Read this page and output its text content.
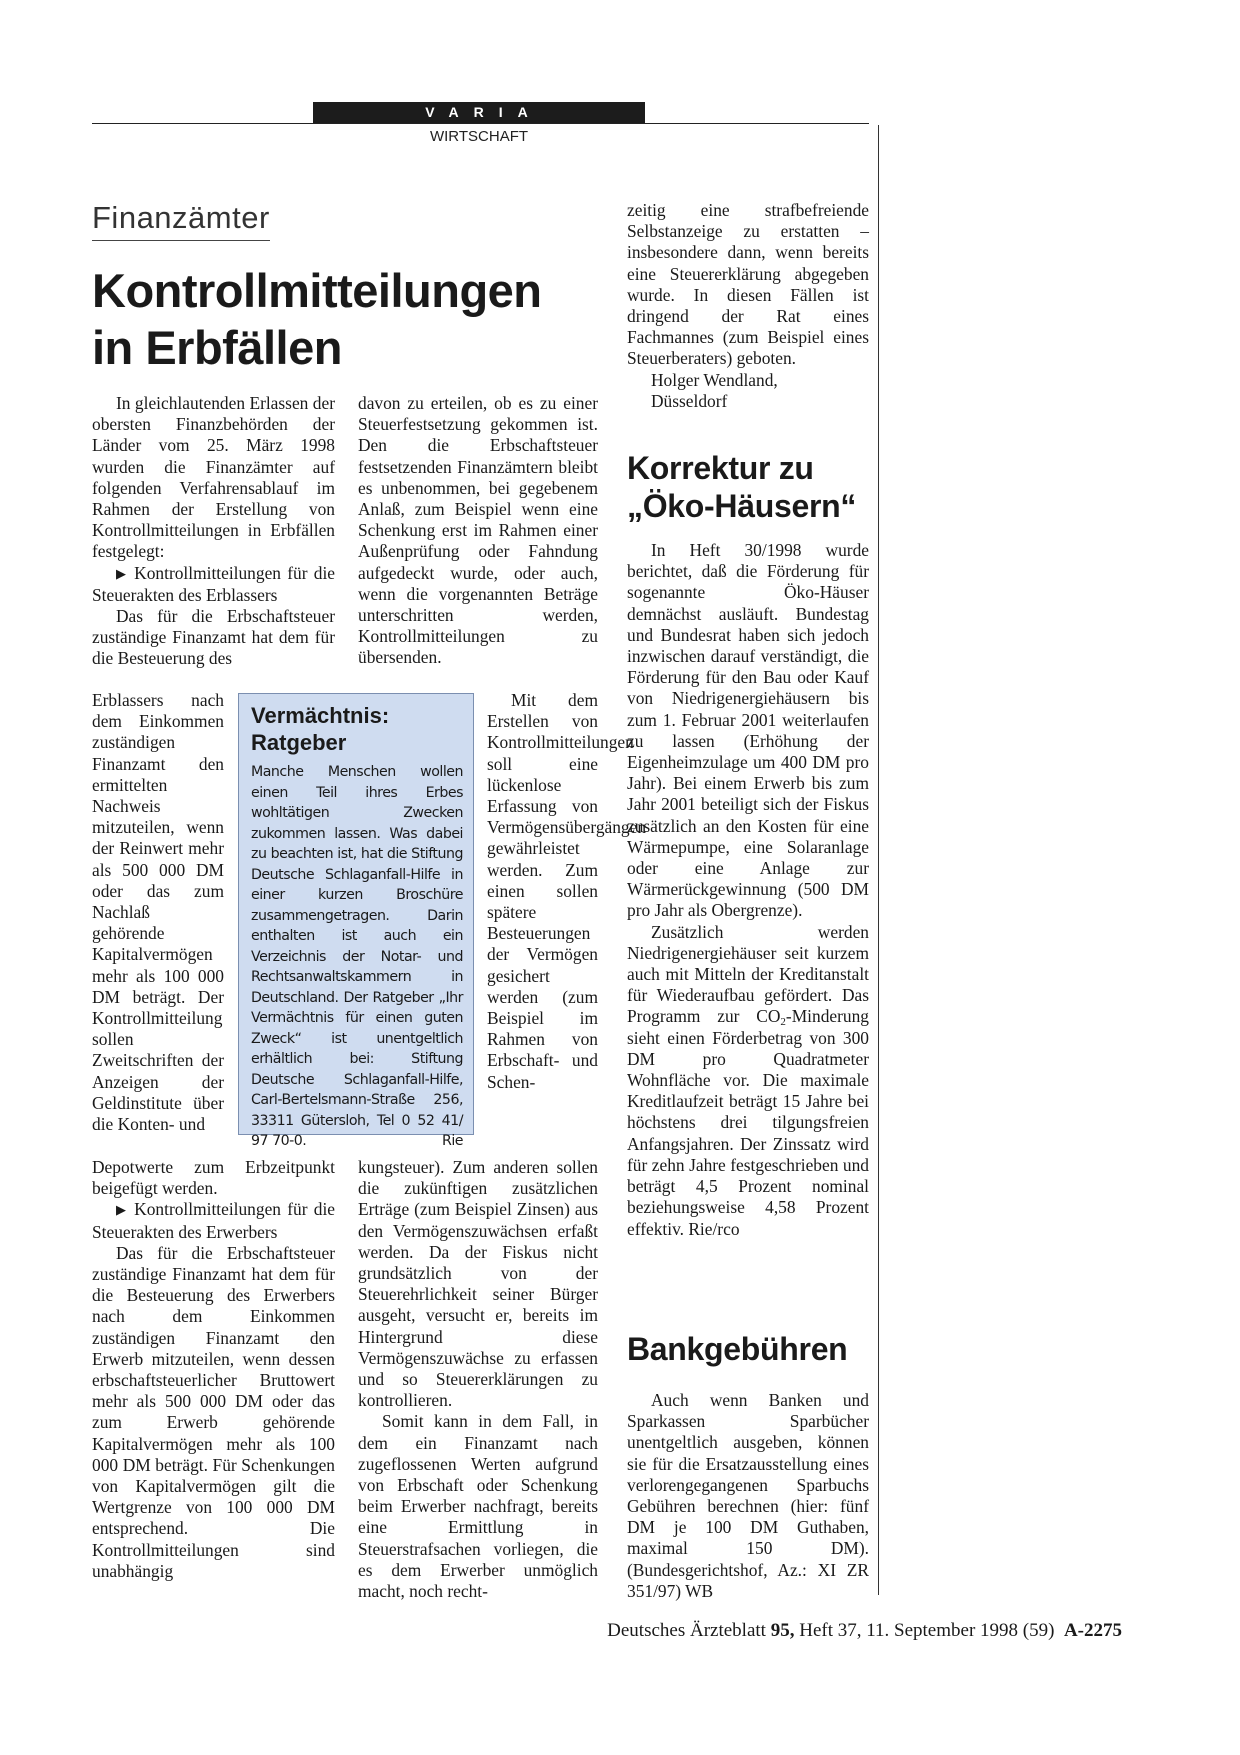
VARIA
WIRTSCHAFT
Finanzämter
Kontrollmitteilungen
in Erbfällen

In gleichlautenden Erlassen der obersten Finanzbehörden der Länder vom 25. März 1998 wurden die Finanzämter auf folgenden Verfahrensablauf im Rahmen der Erstellung von Kontrollmitteilungen in Erbfällen festgelegt:

▶ Kontrollmitteilungen für die Steuerakten des Erblassers

Das für die Erbschaftsteuer zuständige Finanzamt hat dem für die Besteuerung des

Erblassers nach dem Einkommen zuständigen Finanzamt den ermittelten Nachweis mitzuteilen, wenn der Reinwert mehr als 500 000 DM oder das zum Nachlaß gehörende Kapitalvermögen mehr als 100 000 DM beträgt. Der Kontrollmitteilung sollen Zweitschriften der Anzeigen der Geldinstitute über die Konten- und

Depotwerte zum Erbzeitpunkt beigefügt werden.

▶ Kontrollmitteilungen für die Steuerakten des Erwerbers

Das für die Erbschaftsteuer zuständige Finanzamt hat dem für die Besteuerung des Erwerbers nach dem Einkommen zuständigen Finanzamt den Erwerb mitzuteilen, wenn dessen erbschaftsteuerlicher Bruttowert mehr als 500 000 DM oder das zum Erwerb gehörende Kapitalvermögen mehr als 100 000 DM beträgt. Für Schenkungen von Kapitalvermögen gilt die Wertgrenze von 100 000 DM entsprechend. Die Kontrollmitteilungen sind unabhängig

davon zu erteilen, ob es zu einer Steuerfestsetzung gekommen ist. Den die Erbschaftsteuer festsetzenden Finanzämtern bleibt es unbenommen, bei gegebenem Anlaß, zum Beispiel wenn eine Schenkung erst im Rahmen einer Außenprüfung oder Fahndung aufgedeckt wurde, oder auch, wenn die vorgenannten Beträge unterschritten werden, Kontrollmitteilungen zu übersenden.

Mit dem Erstellen von Kontrollmitteilungen soll eine lückenlose Erfassung von Vermögensübergängen gewährleistet werden. Zum einen sollen spätere Besteuerungen der Vermögen gesichert werden (zum Beispiel im Rahmen von Erbschaft- und Schen-

kungsteuer). Zum anderen sollen die zukünftigen zusätzlichen Erträge (zum Beispiel Zinsen) aus den Vermögenszuwächsen erfaßt werden. Da der Fiskus nicht grundsätzlich von der Steuerehrlichkeit seiner Bürger ausgeht, versucht er, bereits im Hintergrund diese Vermögenszuwächse zu erfassen und so Steuererklärungen zu kontrollieren.

Somit kann in dem Fall, in dem ein Finanzamt nach zugeflossenen Werten aufgrund von Erbschaft oder Schenkung beim Erwerber nachfragt, bereits eine Ermittlung in Steuerstrafsachen vorliegen, die es dem Erwerber unmöglich macht, noch recht-

Vermächtnis:
Ratgeber
Manche Menschen wollen einen Teil ihres Erbes wohltätigen Zwecken zukommen lassen. Was dabei zu beachten ist, hat die Stiftung Deutsche Schlaganfall-Hilfe in einer kurzen Broschüre zusammengetragen. Darin enthalten ist auch ein Verzeichnis der Notar- und Rechtsanwaltskammern in Deutschland. Der Ratgeber „Ihr Vermächtnis für einen guten Zweck“ ist unentgeltlich erhältlich bei: Stiftung Deutsche Schlaganfall-Hilfe, Carl-Bertelsmann-Straße 256, 33311 Gütersloh, Tel 0 52 41/ 97 70-0.	Rie

zeitig eine strafbefreiende Selbstanzeige zu erstatten – insbesondere dann, wenn bereits eine Steuererklärung abgegeben wurde. In diesen Fällen ist dringend der Rat eines Fachmannes (zum Beispiel eines Steuerberaters) geboten.

Holger Wendland,

Düsseldorf

Korrektur zu
„Öko-Häusern“

In Heft 30/1998 wurde berichtet, daß die Förderung für sogenannte Öko-Häuser demnächst ausläuft. Bundestag und Bundesrat haben sich jedoch inzwischen darauf verständigt, die Förderung für den Bau oder Kauf von Niedrigenergiehäusern bis zum 1. Februar 2001 weiterlaufen zu lassen (Erhöhung der Eigenheimzulage um 400 DM pro Jahr). Bei einem Erwerb bis zum Jahr 2001 beteiligt sich der Fiskus zusätzlich an den Kosten für eine Wärmepumpe, eine Solaranlage oder eine Anlage zur Wärmerückgewinnung (500 DM pro Jahr als Obergrenze).

Zusätzlich werden Niedrigenergiehäuser seit kurzem auch mit Mitteln der Kreditanstalt für Wiederaufbau gefördert. Das Programm zur $CO_2$-Minderung sieht einen Förderbetrag von 300 DM pro Quadratmeter Wohnfläche vor. Die maximale Kreditlaufzeit beträgt 15 Jahre bei höchstens drei tilgungsfreien Anfangsjahren. Der Zinssatz wird für zehn Jahre festgeschrieben und beträgt 4,5 Prozent nominal beziehungsweise 4,58 Prozent effektiv. Rie/rco

Bankgebühren

Auch wenn Banken und Sparkassen Sparbücher unentgeltlich ausgeben, können sie für die Ersatzausstellung eines verlorengegangenen Sparbuchs Gebühren berechnen (hier: fünf DM je 100 DM Guthaben, maximal 150 DM). (Bundesgerichtshof, Az.: XI ZR 351/97) WB

Deutsches Ärzteblatt 95, Heft 37, 11. September 1998 (59) A-2275
